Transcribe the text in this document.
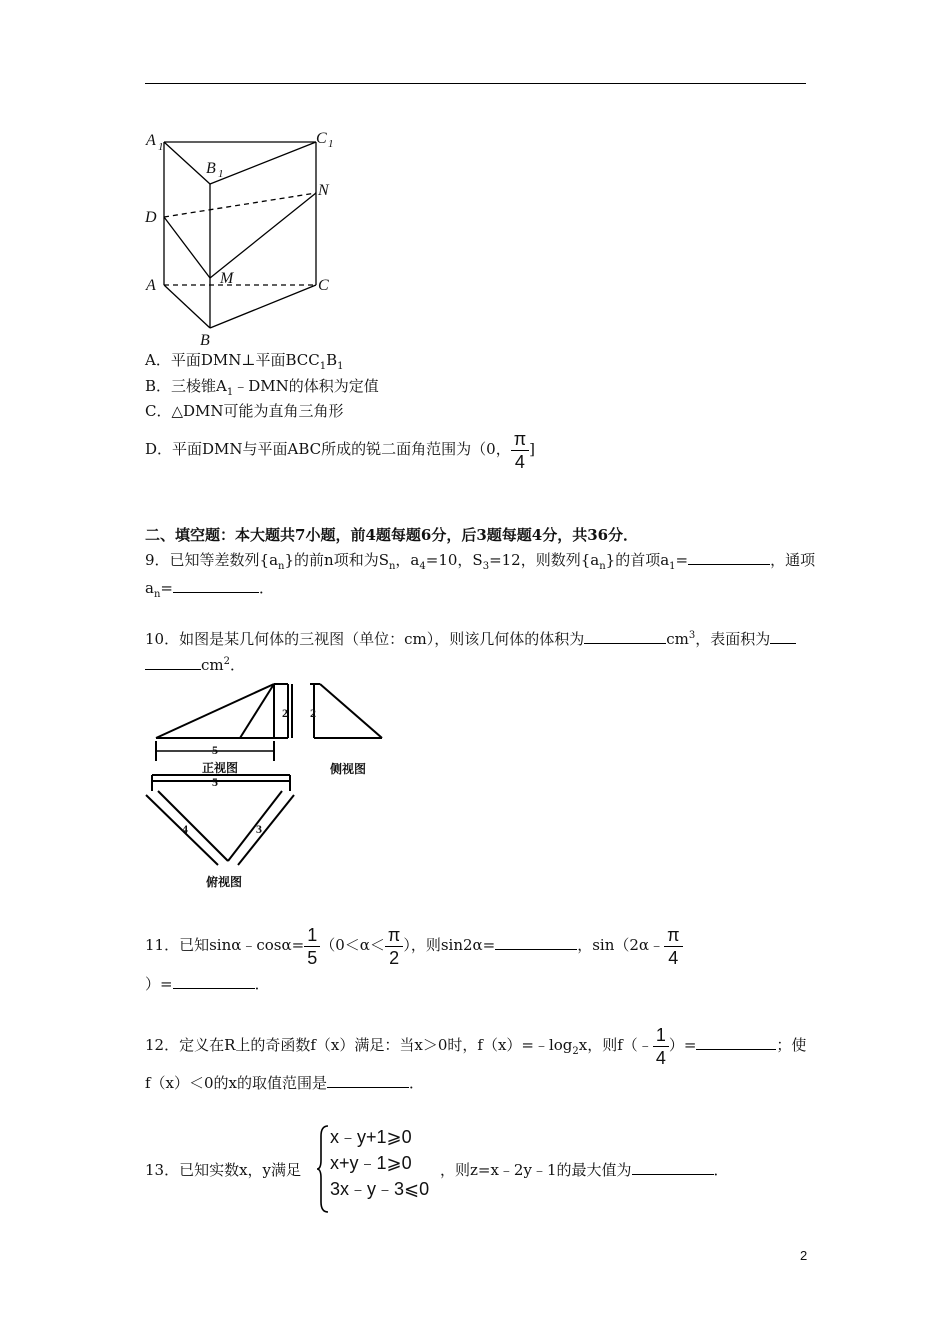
A 1	C 1
B 1
N
D
M
A	C
B
A．平面DMN⊥平面$BCC_1B_1$
B．三棱锥$A_1﹣DMN$的体积为定值
C．△DMN可能为直角三角形
D．平面DMN与平面ABC所成的锐二面角范围为（0， $\frac{\pi}{4}$ ]
二、填空题：本大题共7小题，前4题每题6分，后3题每题4分，共36分．
9．已知等差数列$\{a_n\}$的前n项和为$S_n$，$a_4=10$，$S_3=12$，则数列$\{a_n\}$的首项$a_1=$	，通项
$a_n=$	．
10．如图是某几何体的三视图（单位：cm），则该几何体的体积为	$cm^3$，表面积为
$cm^2$．
2
5
正视图
2
侧视图
5
4	3
俯视图
11．已知sinα﹣cosα= $\frac{1}{5} (0<\alpha< \frac{\pi}{2}$ ），则sin2α=	，sin（2α﹣ $\frac{\pi}{4}$
）=	．
12．定义在R上的奇函数f（x）满足：当x＞0时，$f(x)=﹣\log_2x$，则f（﹣ $\frac{1}{4}$ ）=	；使
f（x）＜0的x的取值范围是	．
13．已知实数x，y满足
x﹣y+1⩾0
x+y﹣1⩾0
3x﹣y﹣3⩽0
，则z=x﹣2y﹣1的最大值为	．
2
